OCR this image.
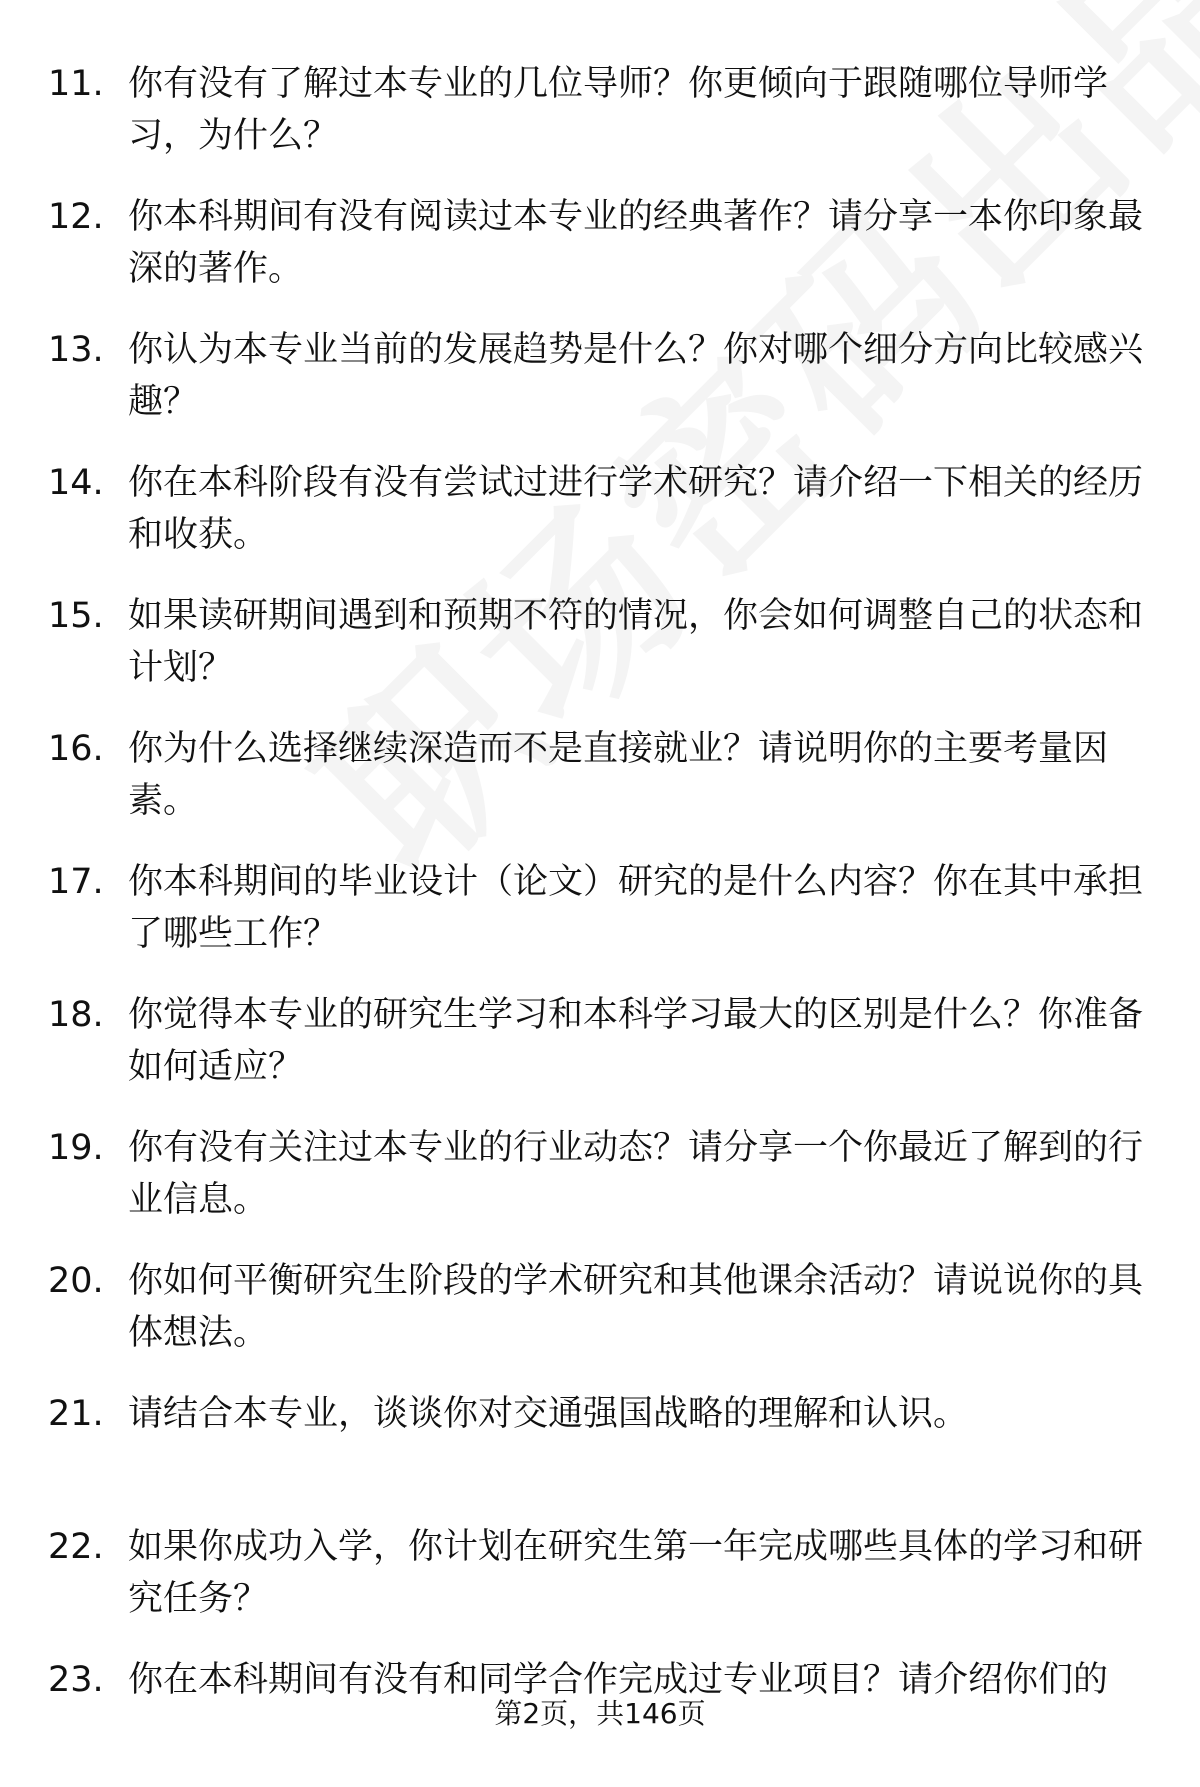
11. 你有没有了解过本专业的几位导师？你更倾向于跟随哪位导师学习，为什么？
12. 你本科期间有没有阅读过本专业的经典著作？请分享一本你印象最深的著作。
13. 你认为本专业当前的发展趋势是什么？你对哪个细分方向比较感兴趣？
14. 你在本科阶段有没有尝试过进行学术研究？请介绍一下相关的经历和收获。
15. 如果读研期间遇到和预期不符的情况，你会如何调整自己的状态和计划？
16. 你为什么选择继续深造而不是直接就业？请说明你的主要考量因素。
17. 你本科期间的毕业设计（论文）研究的是什么内容？你在其中承担了哪些工作？
18. 你觉得本专业的研究生学习和本科学习最大的区别是什么？你准备如何适应？
19. 你有没有关注过本专业的行业动态？请分享一个你最近了解到的行业信息。
20. 你如何平衡研究生阶段的学术研究和其他课余活动？请说说你的具体想法。
21. 请结合本专业，谈谈你对交通强国战略的理解和认识。
22. 如果你成功入学，你计划在研究生第一年完成哪些具体的学习和研究任务？
23. 你在本科期间有没有和同学合作完成过专业项目？请介绍你们的
第2页，共146页
